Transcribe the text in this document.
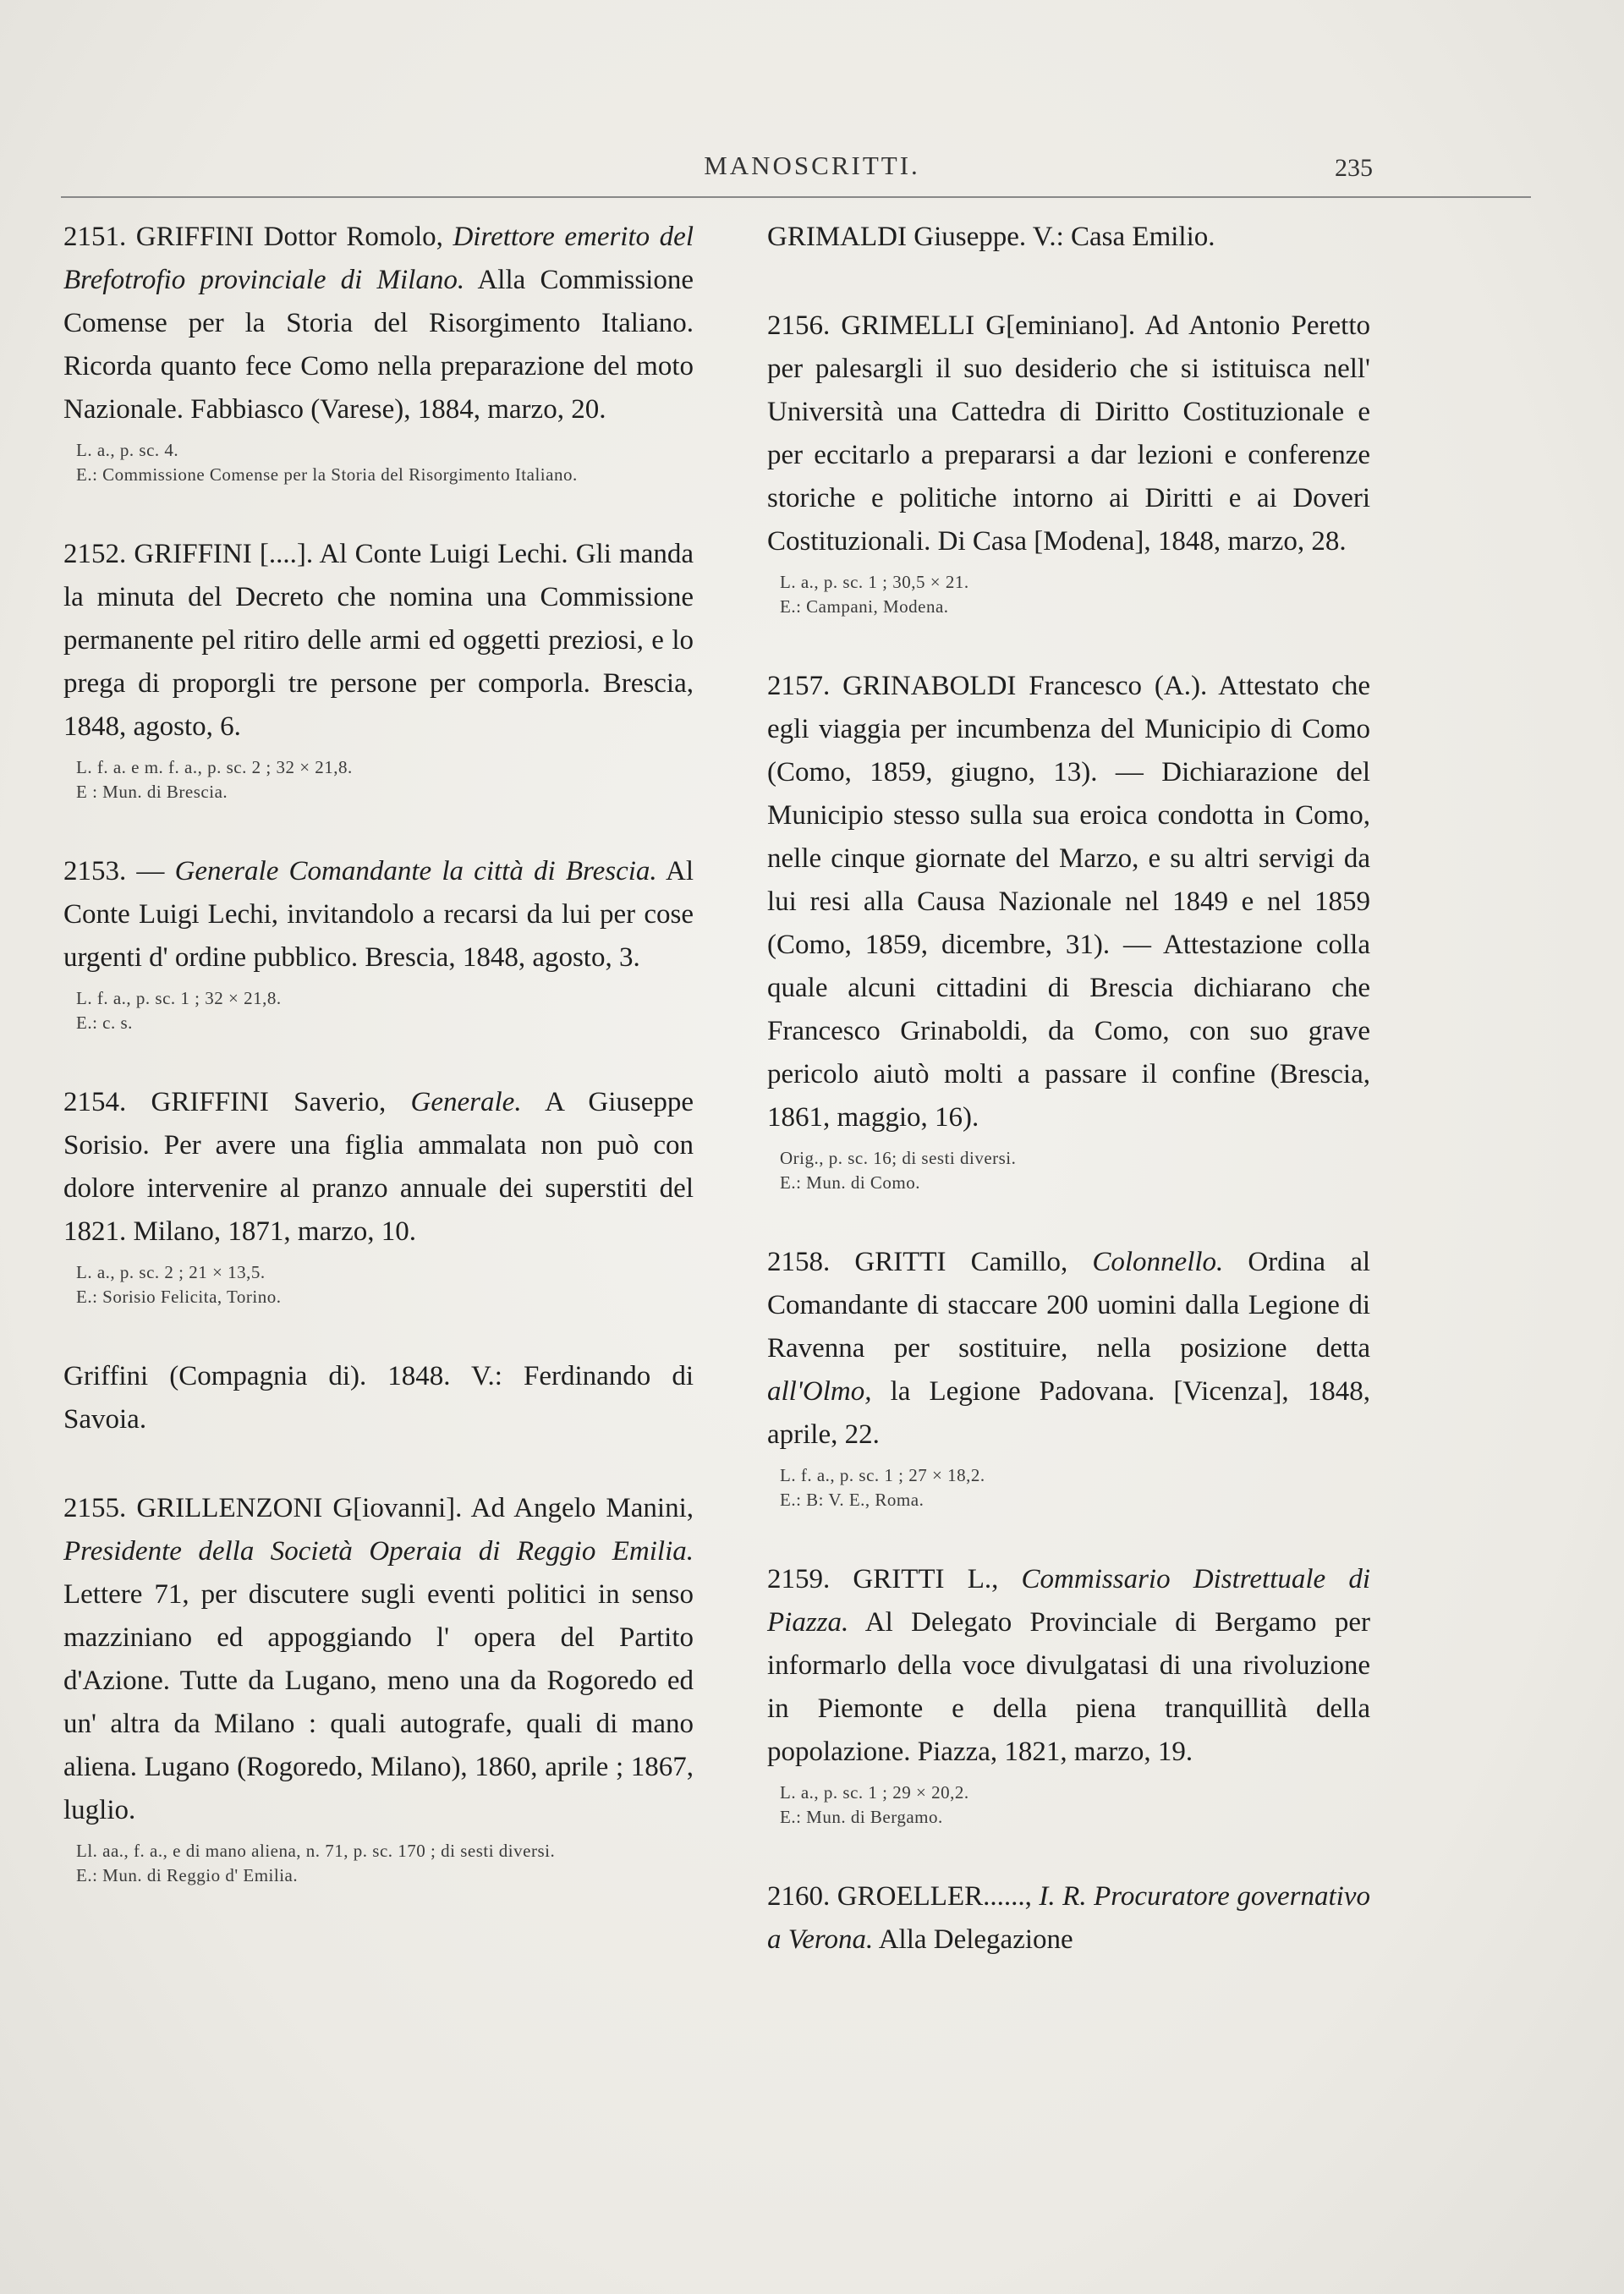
MANOSCRITTI.	235

2151. GRIFFINI Dottor Romolo, Direttore emerito del Brefotrofio provinciale di Milano. Alla Commissione Comense per la Storia del Risorgimento Italiano. Ricorda quanto fece Como nella preparazione del moto Nazionale. Fabbiasco (Varese), 1884, marzo, 20.

L. a., p. sc. 4.
E.: Commissione Comense per la Storia del Risorgimento Italiano.

2152. GRIFFINI [....]. Al Conte Luigi Lechi. Gli manda la minuta del Decreto che nomina una Commissione permanente pel ritiro delle armi ed oggetti preziosi, e lo prega di proporgli tre persone per comporla. Brescia, 1848, agosto, 6.

L. f. a. e m. f. a., p. sc. 2 ; 32 × 21,8.
E : Mun. di Brescia.

2153. — Generale Comandante la città di Brescia. Al Conte Luigi Lechi, invitandolo a recarsi da lui per cose urgenti d' ordine pubblico. Brescia, 1848, agosto, 3.

L. f. a., p. sc. 1 ; 32 × 21,8.
E.: c. s.

2154. GRIFFINI Saverio, Generale. A Giuseppe Sorisio. Per avere una figlia ammalata non può con dolore intervenire al pranzo annuale dei superstiti del 1821. Milano, 1871, marzo, 10.

L. a., p. sc. 2 ; 21 × 13,5.
E.: Sorisio Felicita, Torino.

Griffini (Compagnia di). 1848. V.: Ferdinando di Savoia.

2155. GRILLENZONI G[iovanni]. Ad Angelo Manini, Presidente della Società Operaia di Reggio Emilia. Lettere 71, per discutere sugli eventi politici in senso mazziniano ed appoggiando l' opera del Partito d'Azione. Tutte da Lugano, meno una da Rogoredo ed un' altra da Milano : quali autografe, quali di mano aliena. Lugano (Rogoredo, Milano), 1860, aprile ; 1867, luglio.

Ll. aa., f. a., e di mano aliena, n. 71, p. sc. 170 ; di sesti diversi.
E.: Mun. di Reggio d' Emilia.

GRIMALDI Giuseppe. V.: Casa Emilio.

2156. GRIMELLI G[eminiano]. Ad Antonio Peretto per palesargli il suo desiderio che si istituisca nell' Università una Cattedra di Diritto Costituzionale e per eccitarlo a prepararsi a dar lezioni e conferenze storiche e politiche intorno ai Diritti e ai Doveri Costituzionali. Di Casa [Modena], 1848, marzo, 28.

L. a., p. sc. 1 ; 30,5 × 21.
E.: Campani, Modena.

2157. GRINABOLDI Francesco (A.). Attestato che egli viaggia per incumbenza del Municipio di Como (Como, 1859, giugno, 13). — Dichiarazione del Municipio stesso sulla sua eroica condotta in Como, nelle cinque giornate del Marzo, e su altri servigi da lui resi alla Causa Nazionale nel 1849 e nel 1859 (Como, 1859, dicembre, 31). — Attestazione colla quale alcuni cittadini di Brescia dichiarano che Francesco Grinaboldi, da Como, con suo grave pericolo aiutò molti a passare il confine (Brescia, 1861, maggio, 16).

Orig., p. sc. 16; di sesti diversi.
E.: Mun. di Como.

2158. GRITTI Camillo, Colonnello. Ordina al Comandante di staccare 200 uomini dalla Legione di Ravenna per sostituire, nella posizione detta all'Olmo, la Legione Padovana. [Vicenza], 1848, aprile, 22.

L. f. a., p. sc. 1 ; 27 × 18,2.
E.: B: V. E., Roma.

2159. GRITTI L., Commissario Distrettuale di Piazza. Al Delegato Provinciale di Bergamo per informarlo della voce divulgatasi di una rivoluzione in Piemonte e della piena tranquillità della popolazione. Piazza, 1821, marzo, 19.

L. a., p. sc. 1 ; 29 × 20,2.
E.: Mun. di Bergamo.

2160. GROELLER......, I. R. Procuratore governativo a Verona. Alla Delegazione
